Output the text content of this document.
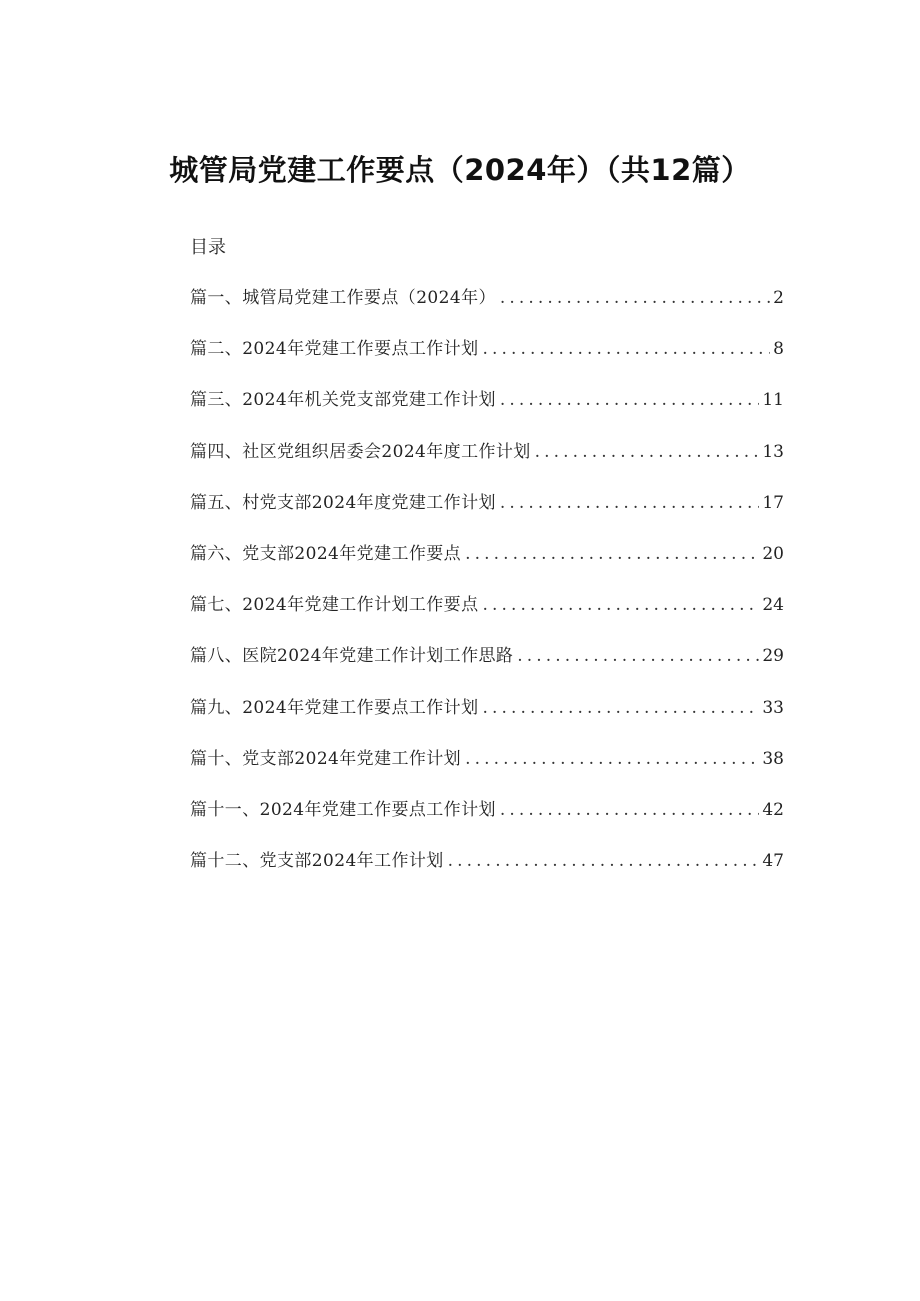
城管局党建工作要点（2024年）（共12篇）
目录
篇一、城管局党建工作要点（2024年） .....	2
篇二、2024年党建工作要点工作计划 .....	8
篇三、2024年机关党支部党建工作计划 .....	11
篇四、社区党组织居委会2024年度工作计划 .....	13
篇五、村党支部2024年度党建工作计划 .....	17
篇六、党支部2024年党建工作要点 .....	20
篇七、2024年党建工作计划工作要点 .....	24
篇八、医院2024年党建工作计划工作思路 .....	29
篇九、2024年党建工作要点工作计划 .....	33
篇十、党支部2024年党建工作计划 .....	38
篇十一、2024年党建工作要点工作计划 .....	42
篇十二、党支部2024年工作计划 .....	47
